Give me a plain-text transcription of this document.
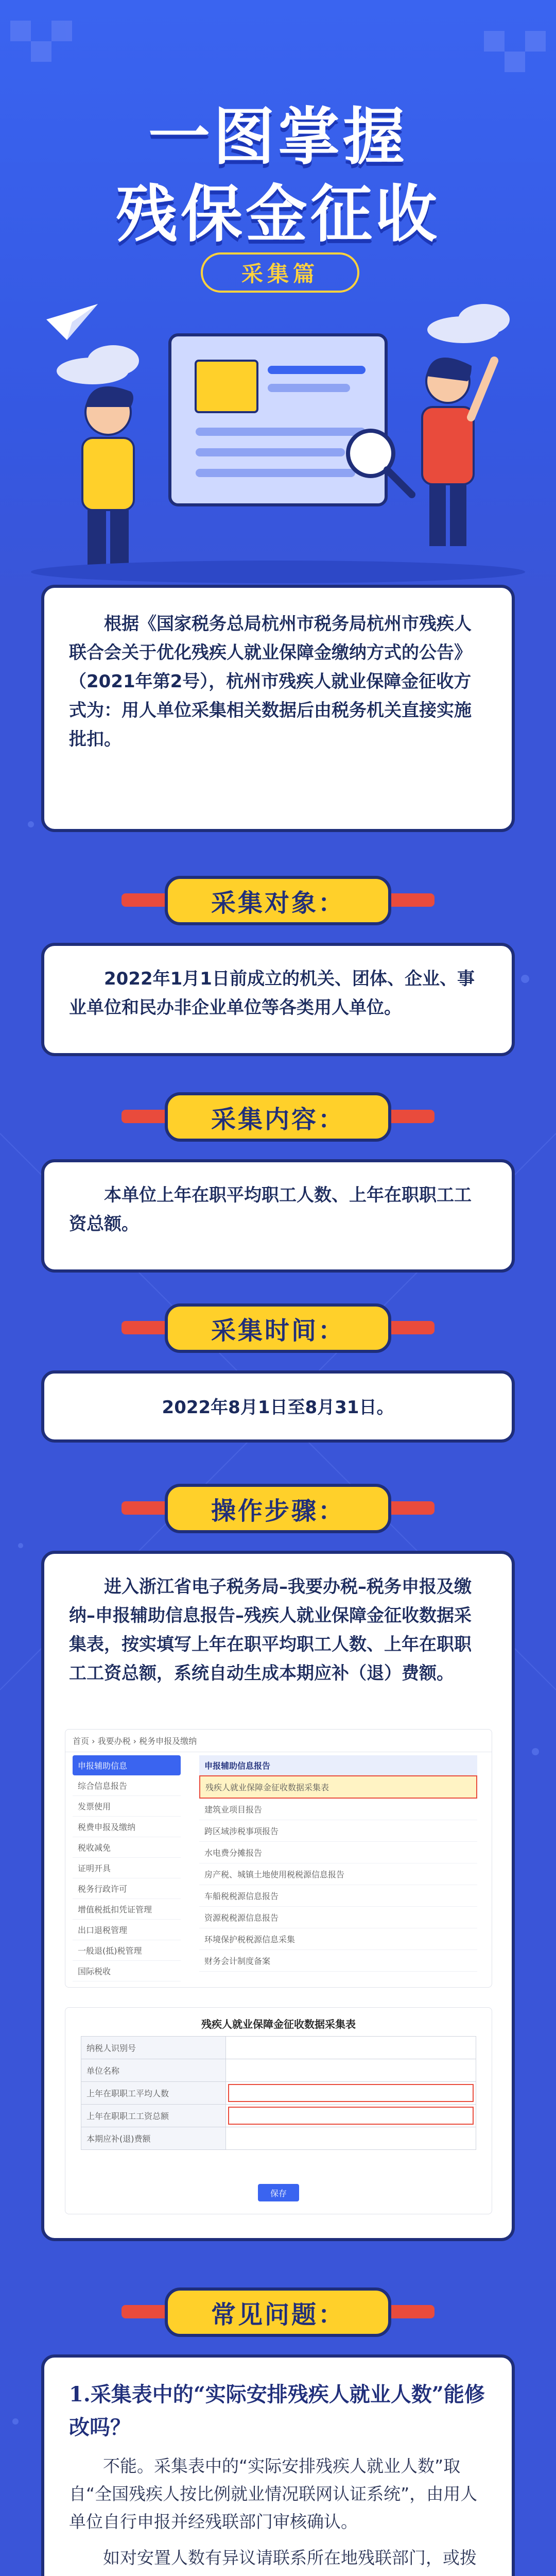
一图掌握
残保金征收
采集篇
根据《国家税务总局杭州市税务局杭州市残疾人联合会关于优化残疾人就业保障金缴纳方式的公告》（2021年第2号），杭州市残疾人就业保障金征收方式为：用人单位采集相关数据后由税务机关直接实施批扣。
采集对象：
2022年1月1日前成立的机关、团体、企业、事业单位和民办非企业单位等各类用人单位。
采集内容：
本单位上年在职平均职工人数、上年在职职工工资总额。
采集时间：
2022年8月1日至8月31日。
操作步骤：
进入浙江省电子税务局–我要办税–税务申报及缴纳–申报辅助信息报告–残疾人就业保障金征收数据采集表，按实填写上年在职平均职工人数、上年在职职工工资总额，系统自动生成本期应补（退）费额。
首页 › 我要办税 › 税务申报及缴纳
申报辅助信息
综合信息报告
发票使用
税费申报及缴纳
税收减免
证明开具
税务行政许可
增值税抵扣凭证管理
出口退税管理
一般退(抵)税管理
国际税收
申报辅助信息报告
残疾人就业保障金征收数据采集表
建筑业项目报告
跨区域涉税事项报告
水电费分摊报告
房产税、城镇土地使用税税源信息报告
车船税税源信息报告
资源税税源信息报告
环境保护税税源信息采集
财务会计制度备案
残疾人就业保障金征收数据采集表
纳税人识别号
单位名称
上年在职职工平均人数
上年在职职工工资总额
本期应补(退)费额
保存
常见问题：
1.采集表中的“实际安排残疾人就业人数”能修改吗？
不能。采集表中的“实际安排残疾人就业人数”取自“全国残疾人按比例就业情况联网认证系统”，由用人单位自行申报并经残联部门审核确认。
如对安置人数有异议请联系所在地残联部门，或拨
